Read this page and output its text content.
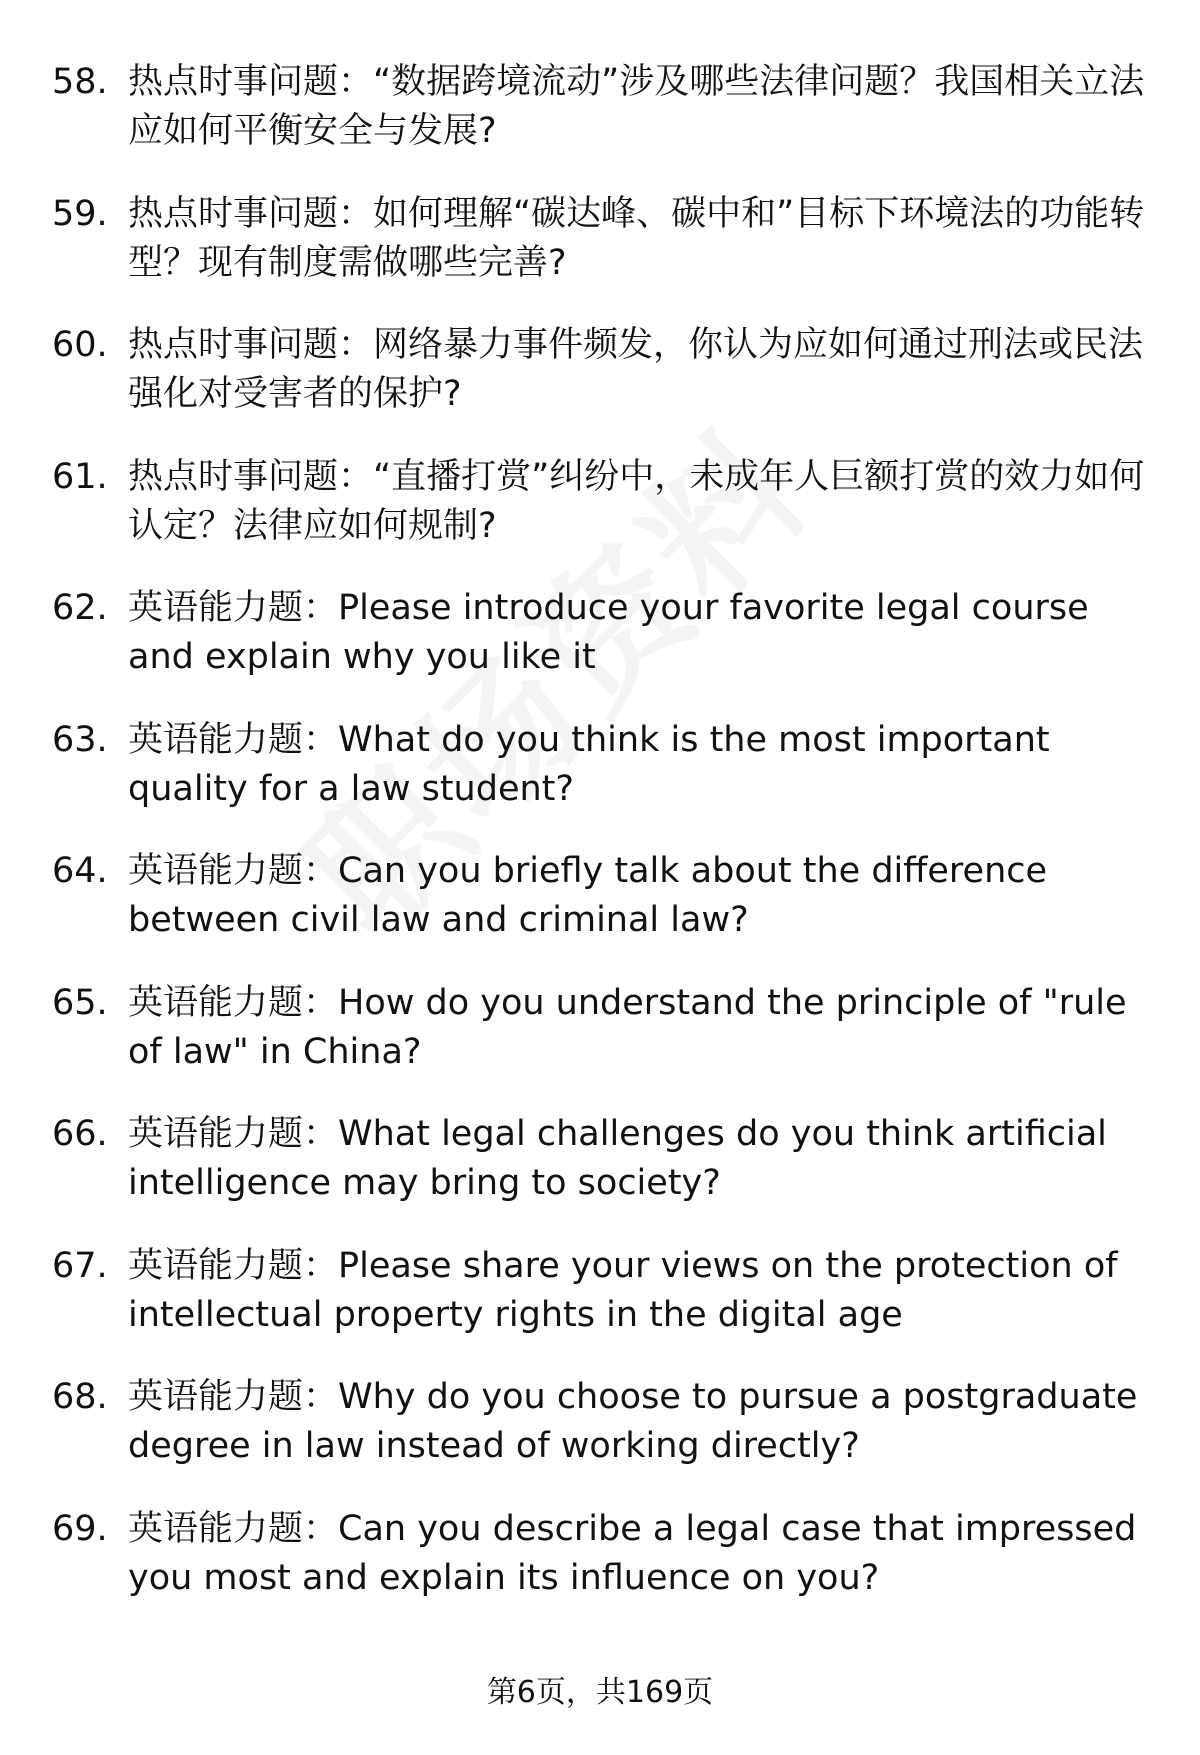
58. 热点时事问题：“数据跨境流动”涉及哪些法律问题？我国相关立法应如何平衡安全与发展?
59. 热点时事问题：如何理解“碳达峰、碳中和”目标下环境法的功能转型？现有制度需做哪些完善?
60. 热点时事问题：网络暴力事件频发，你认为应如何通过刑法或民法强化对受害者的保护?
61. 热点时事问题：“直播打赏”纠纷中，未成年人巨额打赏的效力如何认定？法律应如何规制?
62. 英语能力题：Please introduce your favorite legal course and explain why you like it
63. 英语能力题：What do you think is the most important quality for a law student?
64. 英语能力题：Can you briefly talk about the difference between civil law and criminal law?
65. 英语能力题：How do you understand the principle of "rule of law" in China?
66. 英语能力题：What legal challenges do you think artificial intelligence may bring to society?
67. 英语能力题：Please share your views on the protection of intellectual property rights in the digital age
68. 英语能力题：Why do you choose to pursue a postgraduate degree in law instead of working directly?
69. 英语能力题：Can you describe a legal case that impressed you most and explain its influence on you?
第6页，共169页
